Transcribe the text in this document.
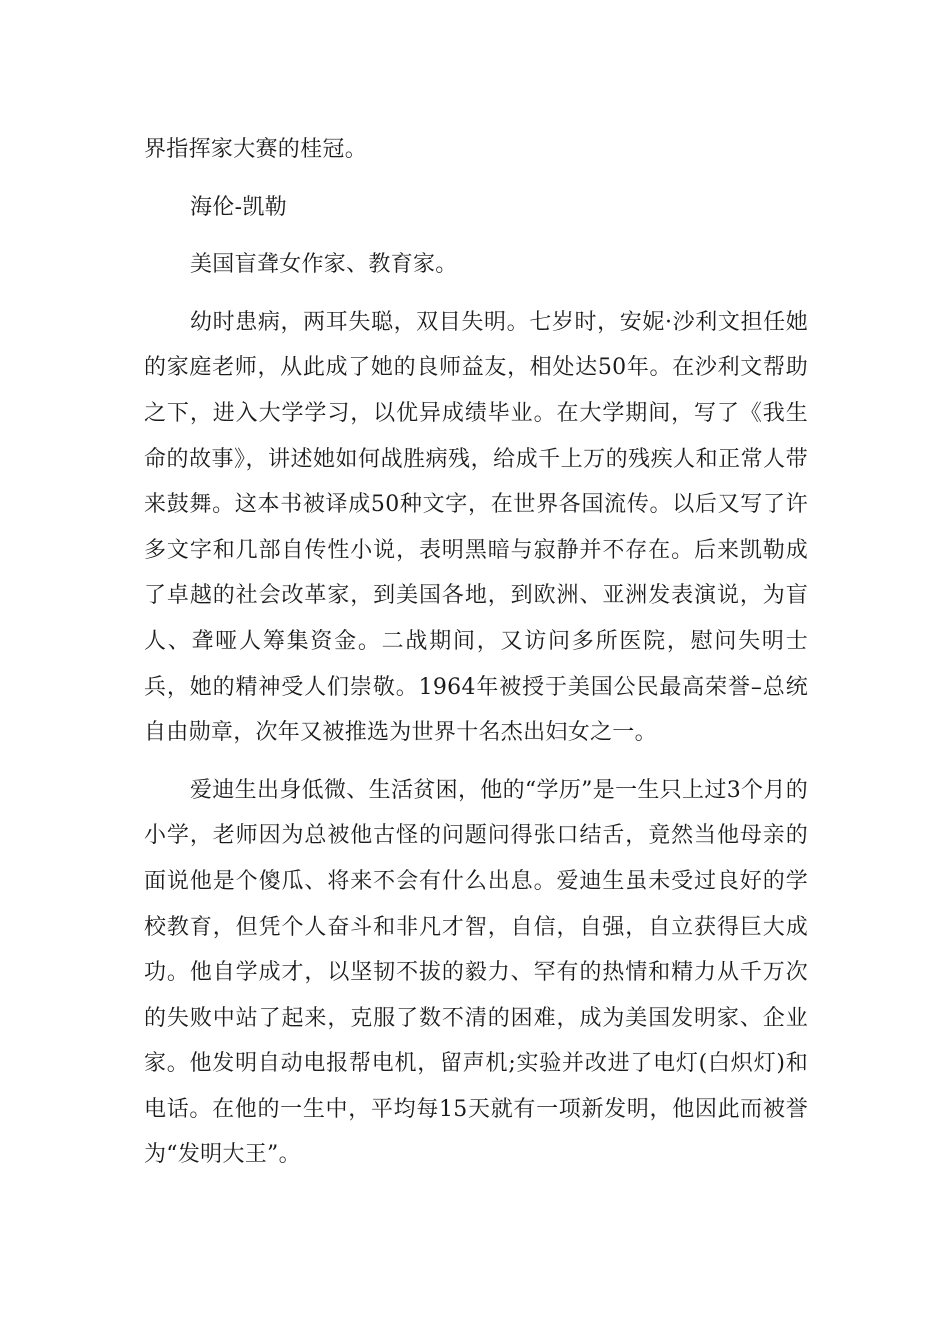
界指挥家大赛的桂冠。

海伦-凯勒

美国盲聋女作家、教育家。

幼时患病，两耳失聪，双目失明。七岁时，安妮·沙利文担任她的家庭老师，从此成了她的良师益友，相处达50年。在沙利文帮助之下，进入大学学习，以优异成绩毕业。在大学期间，写了《我生命的故事》，讲述她如何战胜病残，给成千上万的残疾人和正常人带来鼓舞。这本书被译成50种文字，在世界各国流传。以后又写了许多文字和几部自传性小说，表明黑暗与寂静并不存在。后来凯勒成了卓越的社会改革家，到美国各地，到欧洲、亚洲发表演说，为盲人、聋哑人筹集资金。二战期间，又访问多所医院，慰问失明士兵，她的精神受人们崇敬。1964年被授于美国公民最高荣誉–总统自由勋章，次年又被推选为世界十名杰出妇女之一。

爱迪生出身低微、生活贫困，他的“学历”是一生只上过3个月的小学，老师因为总被他古怪的问题问得张口结舌，竟然当他母亲的面说他是个傻瓜、将来不会有什么出息。爱迪生虽未受过良好的学校教育，但凭个人奋斗和非凡才智，自信，自强，自立获得巨大成功。他自学成才，以坚韧不拔的毅力、罕有的热情和精力从千万次的失败中站了起来，克服了数不清的困难，成为美国发明家、企业家。他发明自动电报帮电机，留声机;实验并改进了电灯(白炽灯)和电话。在他的一生中，平均每15天就有一项新发明，他因此而被誉为“发明大王”。
